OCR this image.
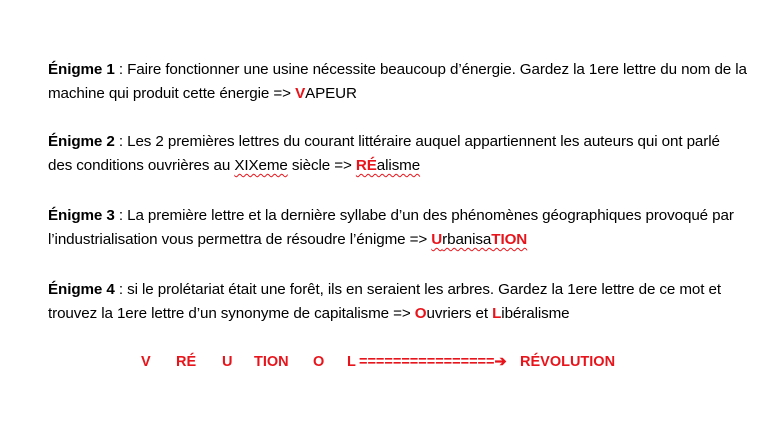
Énigme 1 : Faire fonctionner une usine nécessite beaucoup d’énergie. Gardez la 1ere lettre du nom de la machine qui produit cette énergie => VAPEUR
Énigme 2 : Les 2 premières lettres du courant littéraire auquel appartiennent les auteurs qui ont parlé des conditions ouvrières au XIXeme siècle => RÉalisme
Énigme 3 : La première lettre et la dernière syllabe d’un des phénomènes géographiques provoqué par l’industrialisation vous permettra de résoudre l’énigme => UrbanisaTION
Énigme 4 : si le prolétariat était une forêt, ils en seraient les arbres. Gardez la 1ere lettre de ce mot et trouvez la 1ere lettre d’un synonyme de capitalisme => Ouvriers et Libéralisme
V RÉ U TION O L ================➔ RÉVOLUTION
